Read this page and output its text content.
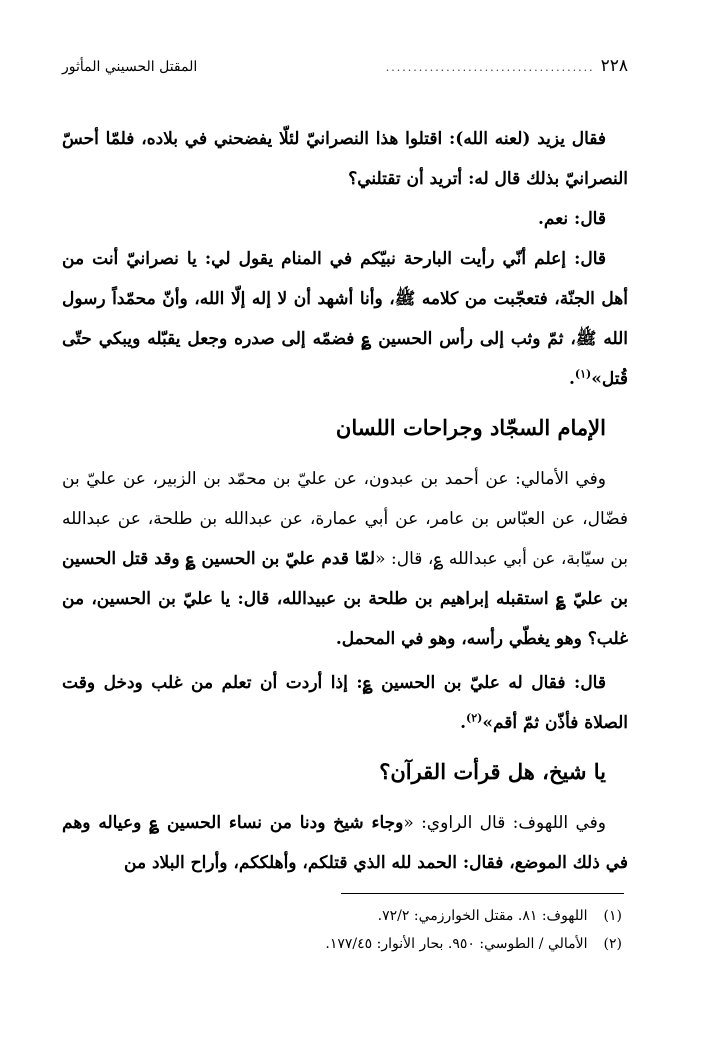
٢٢٨
......................................
المقتل الحسيني المأثور

فقال يزيد (لعنه الله): اقتلوا هذا النصرانيّ لئلّا يفضحني في بلاده، فلمّا أحسّ النصرانيّ بذلك قال له: أتريد أن تقتلني؟

قال: نعم.

قال: إعلم أنّي رأيت البارحة نبيّكم في المنام يقول لي: يا نصرانيّ أنت من أهل الجنّة، فتعجّبت من كلامه ﷺ، وأنا أشهد أن لا إله إلّا الله، وأنّ محمّداً رسول الله ﷺ، ثمّ وثب إلى رأس الحسين ؏ فضمّه إلى صدره وجعل يقبّله ويبكي حتّى قُتل»$^{(١)}$.

الإمام السجّاد وجراحات اللسان

وفي الأمالي: عن أحمد بن عبدون، عن عليّ بن محمّد بن الزبير، عن عليّ بن فضّال، عن العبّاس بن عامر، عن أبي عمارة، عن عبدالله بن طلحة، عن عبدالله بن سيّابة، عن أبي عبدالله ؏، قال: «لمّا قدم عليّ بن الحسين ؏ وقد قتل الحسين بن عليّ ؏ استقبله إبراهيم بن طلحة بن عبيدالله، قال: يا عليّ بن الحسين، من غلب؟ وهو يغطّي رأسه، وهو في المحمل.

قال: فقال له عليّ بن الحسين ؏: إذا أردت أن تعلم من غلب ودخل وقت الصلاة فأذّن ثمّ أقم»$^{(٢)}$.

يا شيخ، هل قرأت القرآن؟

وفي اللهوف: قال الراوي: «وجاء شيخ ودنا من نساء الحسين ؏ وعياله وهم في ذلك الموضع، فقال: الحمد لله الذي قتلكم، وأهلككم، وأراح البلاد من

(١) اللهوف: ٨١. مقتل الخوارزمي: ٧٢/٢.

(٢) الأمالي / الطوسي: ٩٥٠. بحار الأنوار: ١٧٧/٤٥.
